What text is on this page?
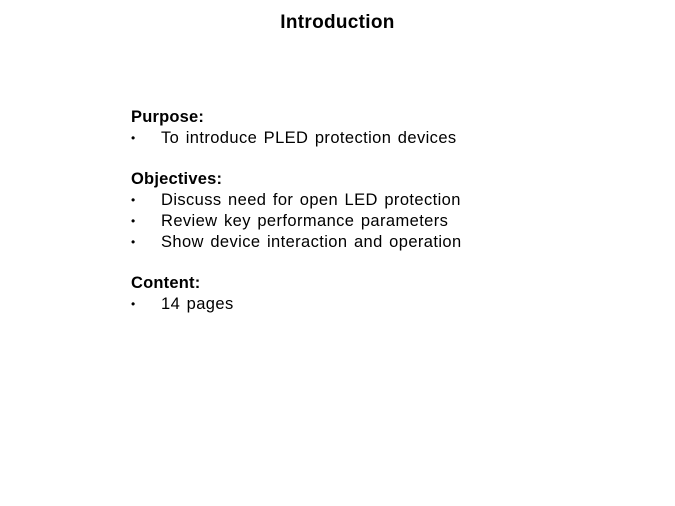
Introduction
Purpose:
•	To introduce PLED protection devices
Objectives:
•	Discuss need for open LED protection
•	Review key performance parameters
•	Show device interaction and operation
Content:
•	14 pages
